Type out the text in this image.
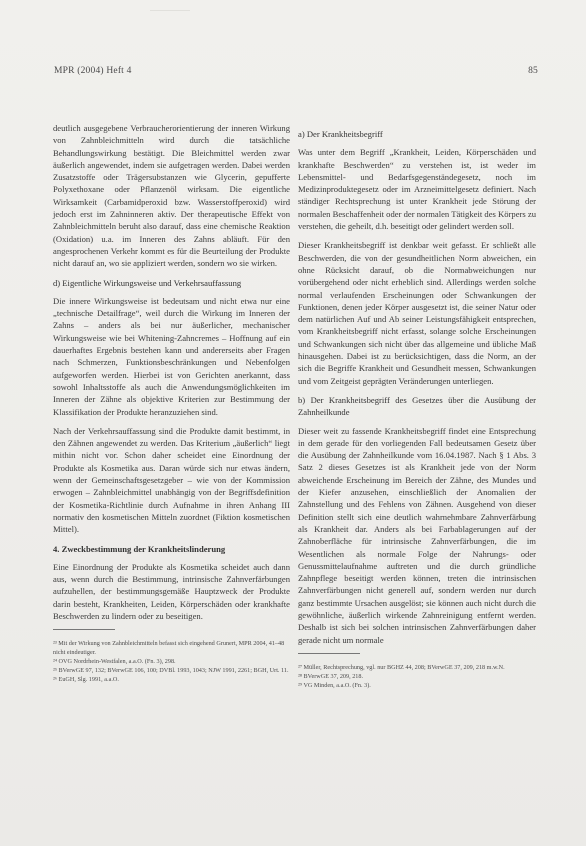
MPR (2004) Heft 4	85

deutlich ausgegebene Verbraucherorientierung der inneren Wirkung von Zahnbleichmitteln wird durch die tatsächliche Behandlungswirkung bestätigt. Die Bleichmittel werden zwar äußerlich angewendet, indem sie aufgetragen werden. Dabei werden Zusatzstoffe oder Trägersubstanzen wie Glycerin, gepufferte Polyxethoxane oder Pflanzenöl wirksam. Die eigentliche Wirksamkeit (Carbamidperoxid bzw. Wasserstoffperoxid) wird jedoch erst im Zahninneren aktiv. Der therapeutische Effekt von Zahnbleichmitteln beruht also darauf, dass eine chemische Reaktion (Oxidation) u.a. im Inneren des Zahns abläuft. Für den angesprochenen Verkehr kommt es für die Beurteilung der Produkte nicht darauf an, wo sie appliziert werden, sondern wo sie wirken.

d) Eigentliche Wirkungsweise und Verkehrsauffassung

Die innere Wirkungsweise ist bedeutsam und nicht etwa nur eine „technische Detailfrage“, weil durch die Wirkung im Inneren der Zahns – anders als bei nur äußerlicher, mechanischer Wirkungsweise wie bei Whitening-Zahncremes – Hoffnung auf ein dauerhaftes Ergebnis bestehen kann und andererseits aber Fragen nach Schmerzen, Funktionsbeschränkungen und Nebenfolgen aufgeworfen werden. Hierbei ist von Gerichten anerkannt, dass sowohl Inhaltsstoffe als auch die Anwendungsmöglichkeiten im Inneren der Zähne als objektive Kriterien zur Bestimmung der Klassifikation der Produkte heranzuziehen sind.

Nach der Verkehrsauffassung sind die Produkte damit bestimmt, in den Zähnen angewendet zu werden. Das Kriterium „äußerlich“ liegt mithin nicht vor. Schon daher scheidet eine Einordnung der Produkte als Kosmetika aus. Daran würde sich nur etwas ändern, wenn der Gemeinschaftsgesetzgeber – wie von der Kommission erwogen – Zahnbleichmittel unabhängig von der Begriffsdefinition der Kosmetika-Richtlinie durch Aufnahme in ihren Anhang III normativ den kosmetischen Mitteln zuordnet (Fiktion kosmetischen Mittel).

4. Zweckbestimmung der Krankheitslinderung

Eine Einordnung der Produkte als Kosmetika scheidet auch dann aus, wenn durch die Bestimmung, intrinsische Zahnverfärbungen aufzuhellen, der bestimmungsgemäße Hauptzweck der Produkte darin besteht, Krankheiten, Leiden, Körperschäden oder krankhafte Beschwerden zu lindern oder zu beseitigen.

²³ Mit der Wirkung von Zahnbleichmitteln befasst sich eingehend Grunert, MPR 2004, 41–48 nicht eindeutiger.
²⁴ OVG Nordrhein-Westfalen, a.a.O. (Fn. 3), 298.
²⁵ BVerwGE 97, 132; BVerwGE 106, 100; DVBl. 1993, 1043; NJW 1991, 2261; BGH, Urt. 11.
²⁶ EuGH, Slg. 1991, a.a.O.
a) Der Krankheitsbegriff

Was unter dem Begriff „Krankheit, Leiden, Körperschäden und krankhafte Beschwerden“ zu verstehen ist, ist weder im Lebensmittel- und Bedarfsgegenständegesetz, noch im Medizinproduktegesetz oder im Arzneimittelgesetz definiert. Nach ständiger Rechtsprechung ist unter Krankheit jede Störung der normalen Beschaffenheit oder der normalen Tätigkeit des Körpers zu verstehen, die geheilt, d.h. beseitigt oder gelindert werden soll.

Dieser Krankheitsbegriff ist denkbar weit gefasst. Er schließt alle Beschwerden, die von der gesundheitlichen Norm abweichen, ein ohne Rücksicht darauf, ob die Normabweichungen nur vorübergehend oder nicht erheblich sind. Allerdings werden solche normal verlaufenden Erscheinungen oder Schwankungen der Funktionen, denen jeder Körper ausgesetzt ist, die seiner Natur oder dem natürlichen Auf und Ab seiner Leistungsfähigkeit entsprechen, vom Krankheitsbegriff nicht erfasst, solange solche Erscheinungen und Schwankungen sich nicht über das allgemeine und übliche Maß hinausgehen. Dabei ist zu berücksichtigen, dass die Norm, an der sich die Begriffe Krankheit und Gesundheit messen, Schwankungen und vom Zeitgeist geprägten Veränderungen unterliegen.

b) Der Krankheitsbegriff des Gesetzes über die Ausübung der Zahnheilkunde

Dieser weit zu fassende Krankheitsbegriff findet eine Entsprechung in dem gerade für den vorliegenden Fall bedeutsamen Gesetz über die Ausübung der Zahnheilkunde vom 16.04.1987. Nach § 1 Abs. 3 Satz 2 dieses Gesetzes ist als Krankheit jede von der Norm abweichende Erscheinung im Bereich der Zähne, des Mundes und der Kiefer anzusehen, einschließlich der Anomalien der Zahnstellung und des Fehlens von Zähnen. Ausgehend von dieser Definition stellt sich eine deutlich wahrnehmbare Zahnverfärbung als Krankheit dar. Anders als bei Farbablagerungen auf der Zahnoberfläche für intrinsische Zahnverfärbungen, die im Wesentlichen als normale Folge der Nahrungs- oder Genussmittelaufnahme auftreten und die durch gründliche Zahnpflege beseitigt werden können, treten die intrinsischen Zahnverfärbungen nicht generell auf, sondern werden nur durch ganz bestimmte Ursachen ausgelöst; sie können auch nicht durch die gewöhnliche, äußerlich wirkende Zahnreinigung entfernt werden. Deshalb ist sich bei solchen intrinsischen Zahnverfärbungen daher gerade nicht um normale

²⁷ Müller, Rechtsprechung, vgl. nur BGHZ 44, 208; BVerwGE 37, 209, 218 m.w.N.
²⁸ BVerwGE 37, 209, 218.
²⁹ VG Minden, a.a.O. (Fn. 3).
